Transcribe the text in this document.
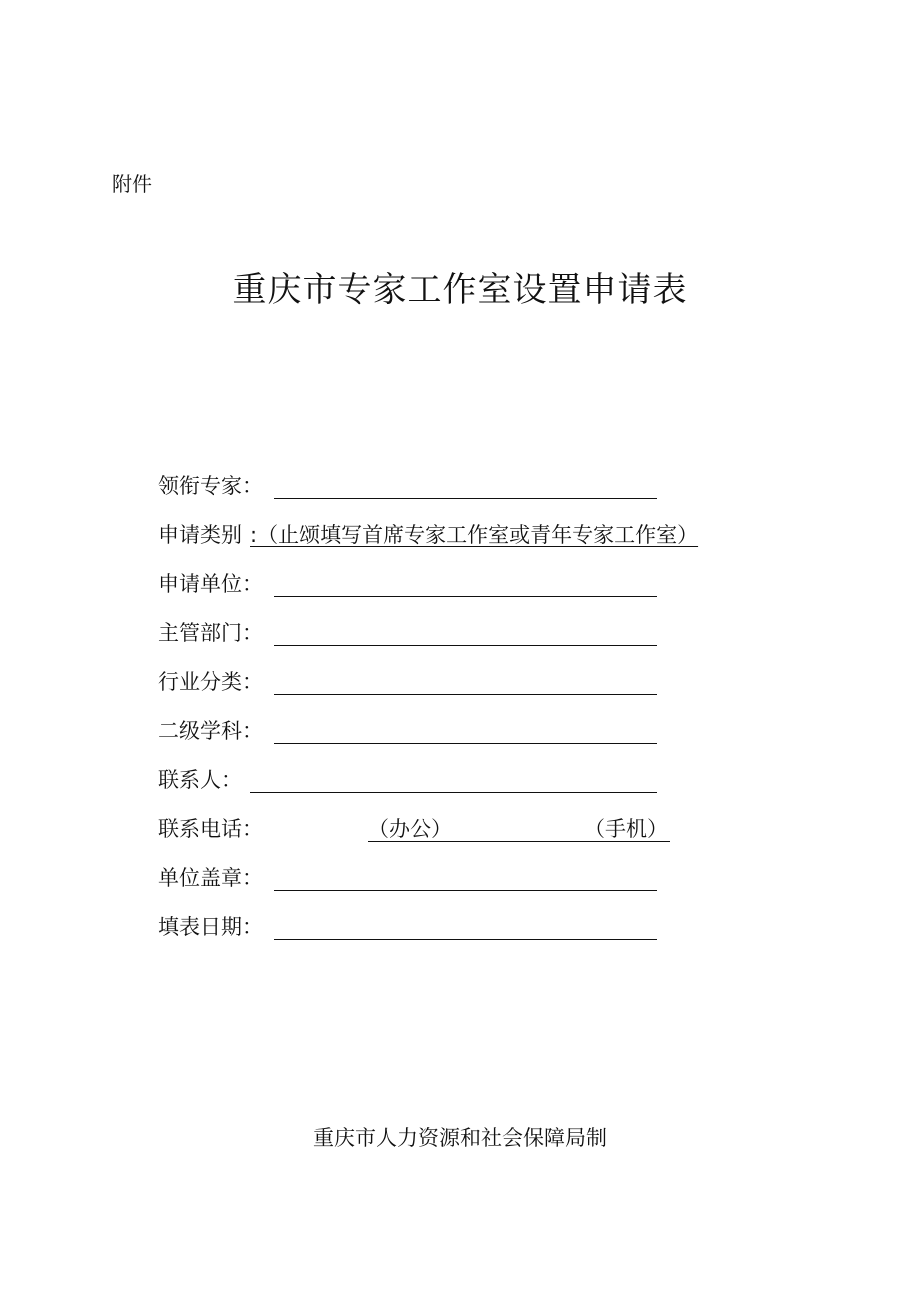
附件
重庆市专家工作室设置申请表
领衔专家：
申请类别 :（止颂填写首席专家工作室或青年专家工作室）
申请单位：
主管部门：
行业分类：
二级学科：
联系人：
联系电话：	（办公）	（手机）
单位盖章：
填表日期：
重庆市人力资源和社会保障局制
